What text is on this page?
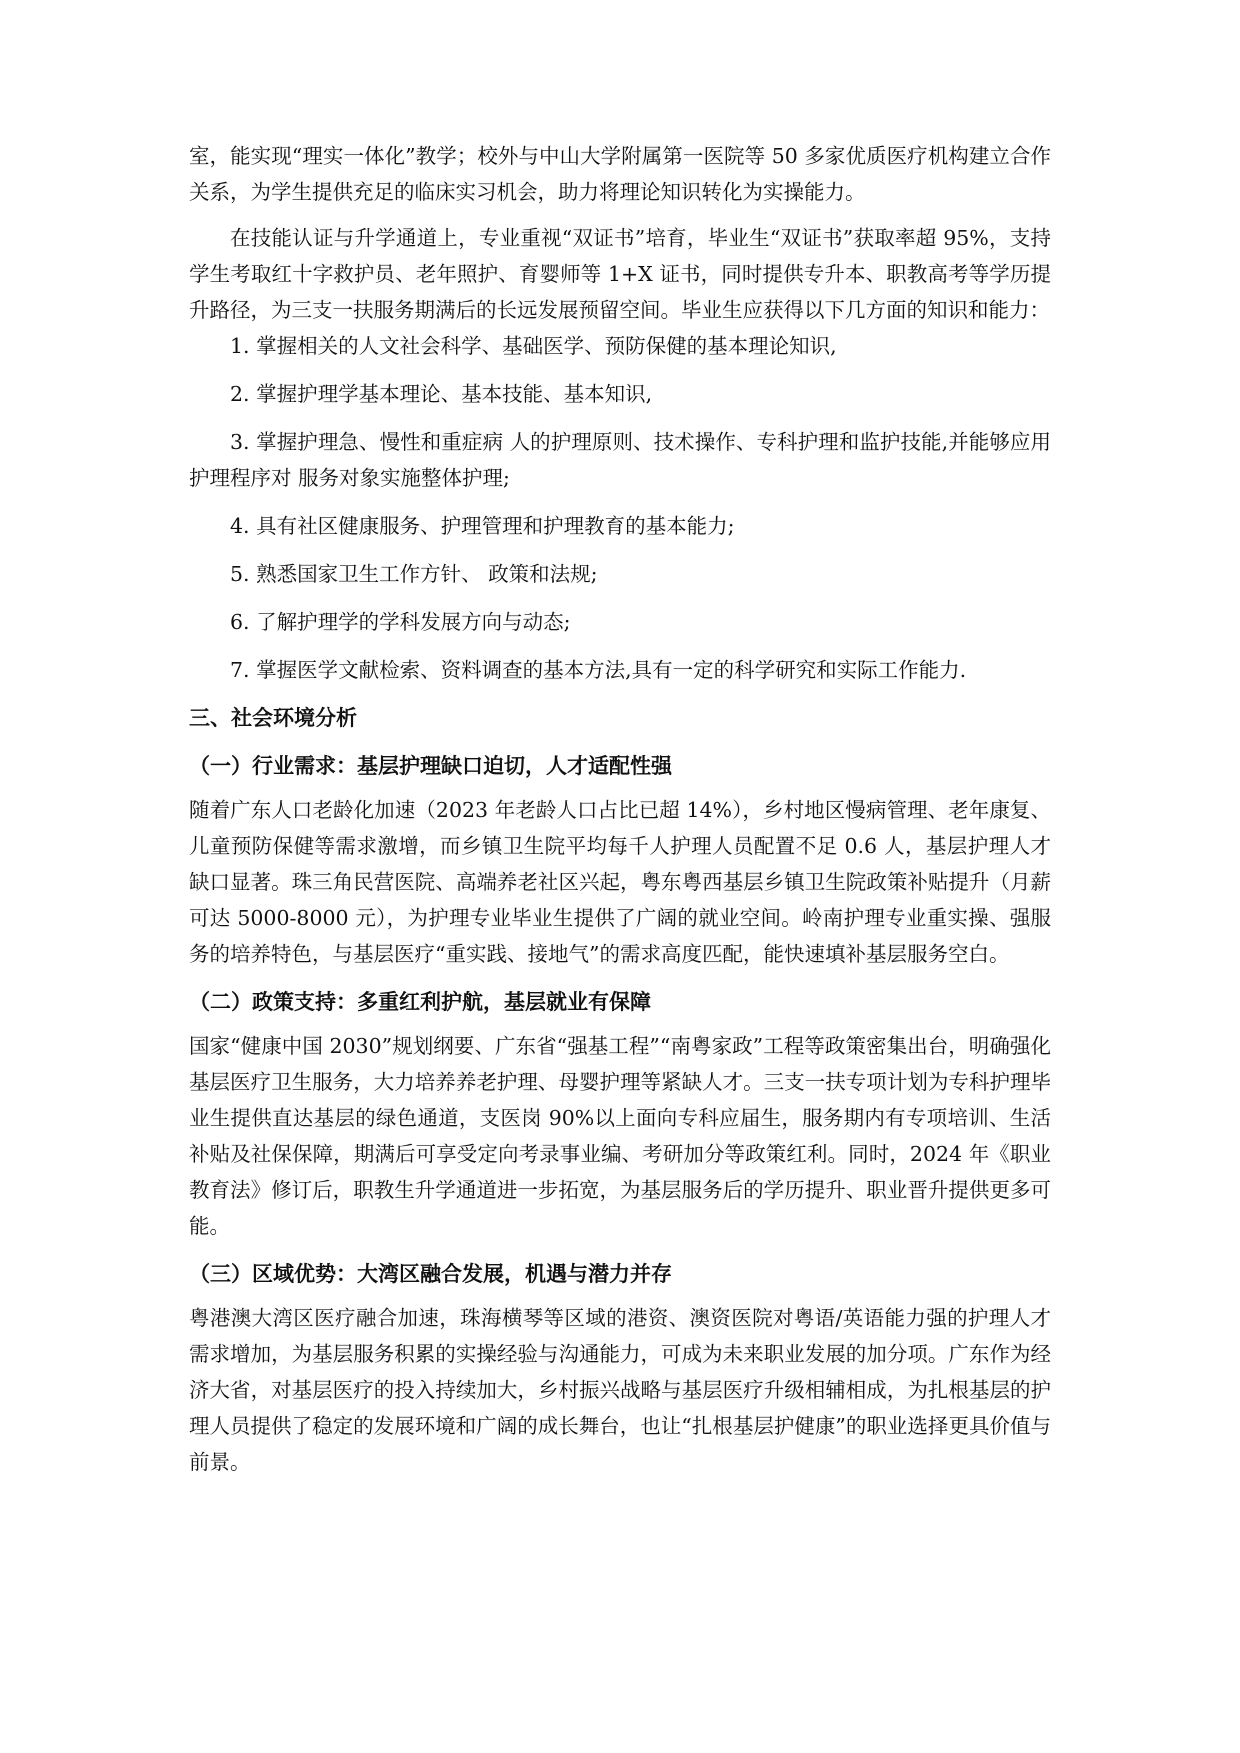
室，能实现“理实一体化”教学；校外与中山大学附属第一医院等 50 多家优质医疗机构建立合作关系，为学生提供充足的临床实习机会，助力将理论知识转化为实操能力。

在技能认证与升学通道上，专业重视“双证书”培育，毕业生“双证书”获取率超 95%，支持学生考取红十字救护员、老年照护、育婴师等 1+X 证书，同时提供专升本、职教高考等学历提升路径，为三支一扶服务期满后的长远发展预留空间。毕业生应获得以下几方面的知识和能力：

1. 掌握相关的人文社会科学、基础医学、预防保健的基本理论知识,

2. 掌握护理学基本理论、基本技能、基本知识,

3. 掌握护理急、慢性和重症病 人的护理原则、技术操作、专科护理和监护技能,并能够应用护理程序对 服务对象实施整体护理;

4. 具有社区健康服务、护理管理和护理教育的基本能力;

5. 熟悉国家卫生工作方针、 政策和法规;

6. 了解护理学的学科发展方向与动态;

7. 掌握医学文献检索、资料调查的基本方法,具有一定的科学研究和实际工作能力.

三、社会环境分析
（一）行业需求：基层护理缺口迫切，人才适配性强

随着广东人口老龄化加速（2023 年老龄人口占比已超 14%），乡村地区慢病管理、老年康复、儿童预防保健等需求激增，而乡镇卫生院平均每千人护理人员配置不足 0.6 人，基层护理人才缺口显著。珠三角民营医院、高端养老社区兴起，粤东粤西基层乡镇卫生院政策补贴提升（月薪可达 5000-8000 元），为护理专业毕业生提供了广阔的就业空间。岭南护理专业重实操、强服务的培养特色，与基层医疗“重实践、接地气”的需求高度匹配，能快速填补基层服务空白。

（二）政策支持：多重红利护航，基层就业有保障

国家“健康中国 2030”规划纲要、广东省“强基工程”“南粤家政”工程等政策密集出台，明确强化基层医疗卫生服务，大力培养养老护理、母婴护理等紧缺人才。三支一扶专项计划为专科护理毕业生提供直达基层的绿色通道，支医岗 90%以上面向专科应届生，服务期内有专项培训、生活补贴及社保保障，期满后可享受定向考录事业编、考研加分等政策红利。同时，2024 年《职业教育法》修订后，职教生升学通道进一步拓宽，为基层服务后的学历提升、职业晋升提供更多可能。

（三）区域优势：大湾区融合发展，机遇与潜力并存

粤港澳大湾区医疗融合加速，珠海横琴等区域的港资、澳资医院对粤语/英语能力强的护理人才需求增加，为基层服务积累的实操经验与沟通能力，可成为未来职业发展的加分项。广东作为经济大省，对基层医疗的投入持续加大，乡村振兴战略与基层医疗升级相辅相成，为扎根基层的护理人员提供了稳定的发展环境和广阔的成长舞台，也让“扎根基层护健康”的职业选择更具价值与前景。
